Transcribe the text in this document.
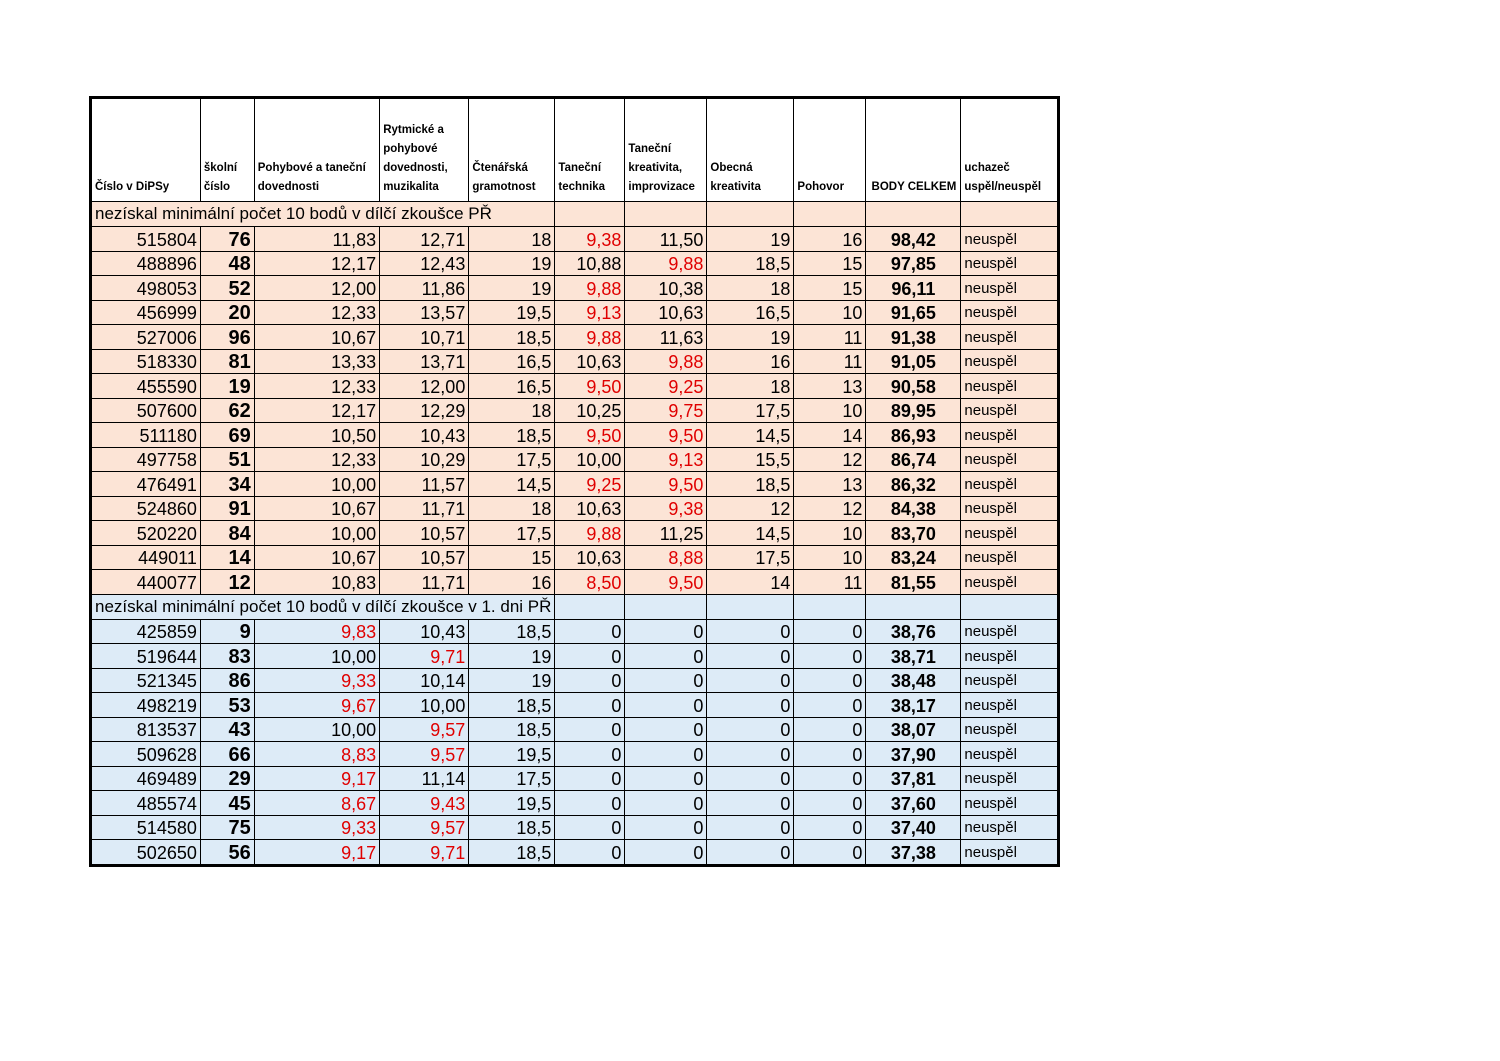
Číslo v DiPSy	školní číslo	Pohybové a taneční dovednosti	Rytmické a pohybové dovednosti, muzikalita	Čtenářská gramotnost	Taneční technika	Taneční kreativita, improvizace	Obecná kreativita	Pohovor	BODY CELKEM	uchazeč uspěl/neuspěl
nezískal minimální počet 10 bodů v dílčí zkoušce PŘ										
515804	76	11,83	12,71	18	9,38	11,50	19	16	98,42	neuspěl
488896	48	12,17	12,43	19	10,88	9,88	18,5	15	97,85	neuspěl
498053	52	12,00	11,86	19	9,88	10,38	18	15	96,11	neuspěl
456999	20	12,33	13,57	19,5	9,13	10,63	16,5	10	91,65	neuspěl
527006	96	10,67	10,71	18,5	9,88	11,63	19	11	91,38	neuspěl
518330	81	13,33	13,71	16,5	10,63	9,88	16	11	91,05	neuspěl
455590	19	12,33	12,00	16,5	9,50	9,25	18	13	90,58	neuspěl
507600	62	12,17	12,29	18	10,25	9,75	17,5	10	89,95	neuspěl
511180	69	10,50	10,43	18,5	9,50	9,50	14,5	14	86,93	neuspěl
497758	51	12,33	10,29	17,5	10,00	9,13	15,5	12	86,74	neuspěl
476491	34	10,00	11,57	14,5	9,25	9,50	18,5	13	86,32	neuspěl
524860	91	10,67	11,71	18	10,63	9,38	12	12	84,38	neuspěl
520220	84	10,00	10,57	17,5	9,88	11,25	14,5	10	83,70	neuspěl
449011	14	10,67	10,57	15	10,63	8,88	17,5	10	83,24	neuspěl
440077	12	10,83	11,71	16	8,50	9,50	14	11	81,55	neuspěl
nezískal minimální počet 10 bodů v dílčí zkoušce v 1. dni PŘ										
425859	9	9,83	10,43	18,5	0	0	0	0	38,76	neuspěl
519644	83	10,00	9,71	19	0	0	0	0	38,71	neuspěl
521345	86	9,33	10,14	19	0	0	0	0	38,48	neuspěl
498219	53	9,67	10,00	18,5	0	0	0	0	38,17	neuspěl
813537	43	10,00	9,57	18,5	0	0	0	0	38,07	neuspěl
509628	66	8,83	9,57	19,5	0	0	0	0	37,90	neuspěl
469489	29	9,17	11,14	17,5	0	0	0	0	37,81	neuspěl
485574	45	8,67	9,43	19,5	0	0	0	0	37,60	neuspěl
514580	75	9,33	9,57	18,5	0	0	0	0	37,40	neuspěl
502650	56	9,17	9,71	18,5	0	0	0	0	37,38	neuspěl
